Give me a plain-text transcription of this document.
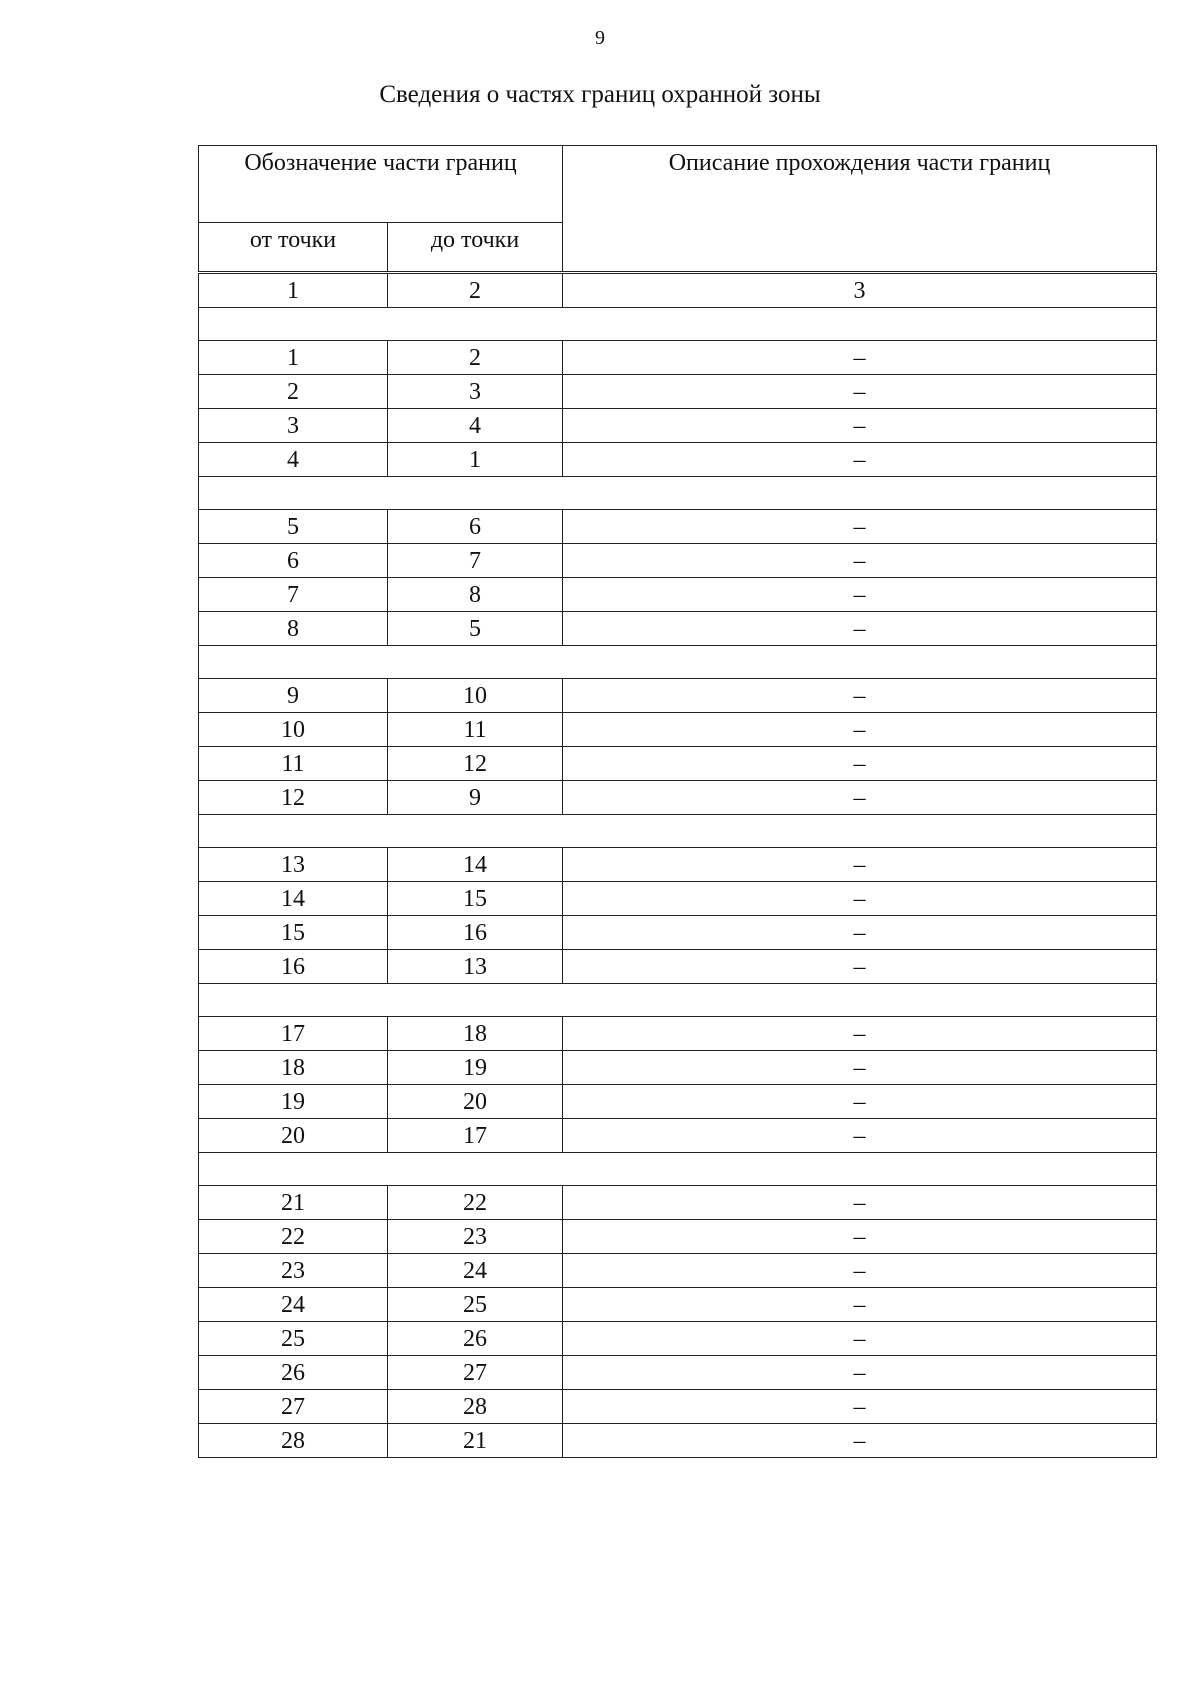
9
Сведения о частях границ охранной зоны
Обозначение части границ		Описание прохождения части границ
от точки	до точки	
1	2	3

1	2	–
2	3	–
3	4	–
4	1	–

5	6	–
6	7	–
7	8	–
8	5	–

9	10	–
10	11	–
11	12	–
12	9	–

13	14	–
14	15	–
15	16	–
16	13	–

17	18	–
18	19	–
19	20	–
20	17	–

21	22	–
22	23	–
23	24	–
24	25	–
25	26	–
26	27	–
27	28	–
28	21	–
